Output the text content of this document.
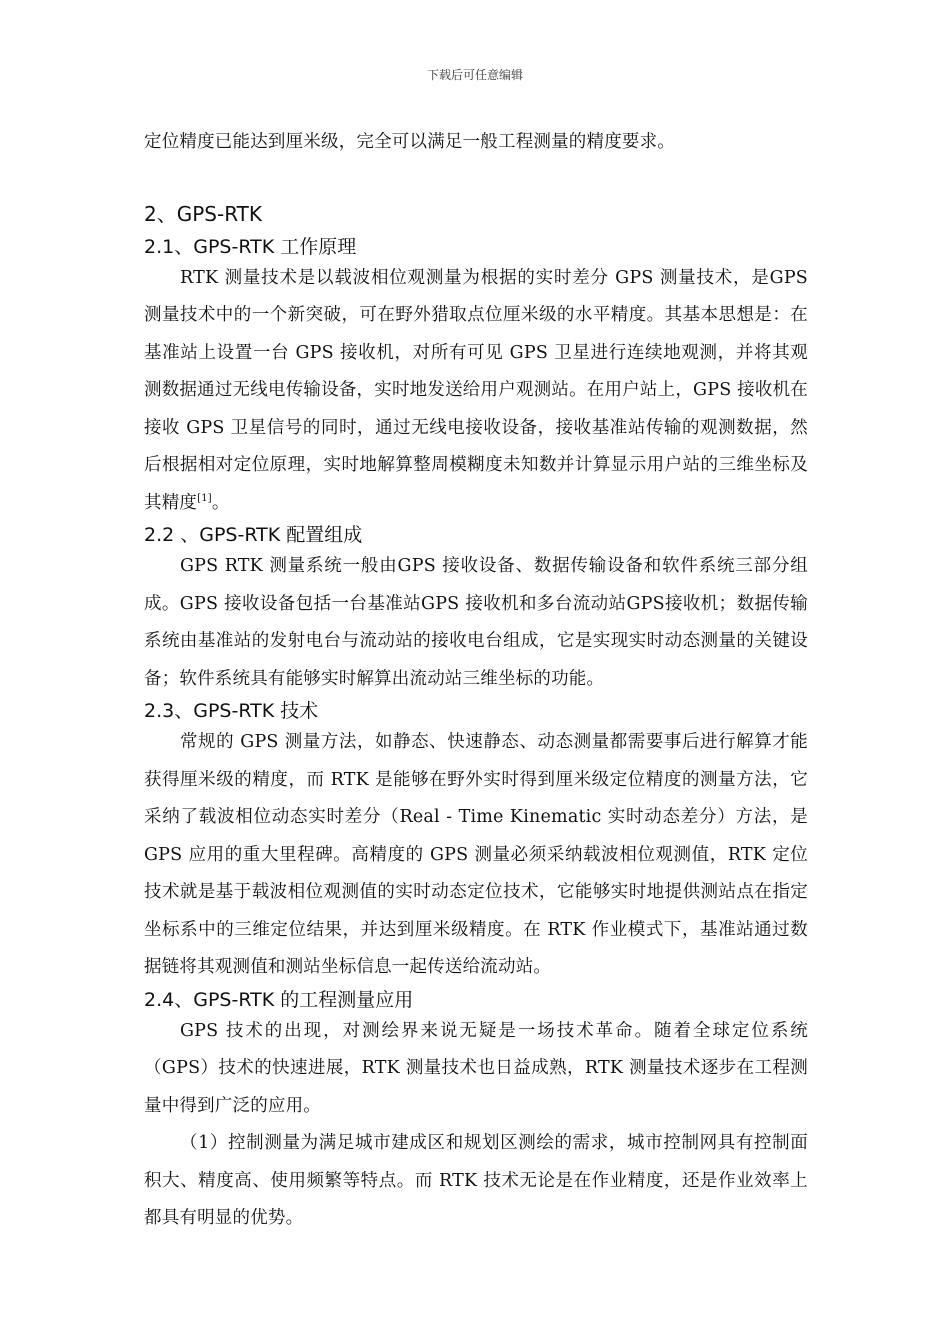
下载后可任意编辑

定位精度已能达到厘米级，完全可以满足一般工程测量的精度要求。

2、GPS-RTK
2.1、GPS-RTK 工作原理

RTK 测量技术是以载波相位观测量为根据的实时差分 GPS 测量技术，是GPS 测量技术中的一个新突破，可在野外猎取点位厘米级的水平精度。其基本思想是：在基准站上设置一台 GPS 接收机，对所有可见 GPS 卫星进行连续地观测，并将其观测数据通过无线电传输设备，实时地发送给用户观测站。在用户站上，GPS 接收机在接收 GPS 卫星信号的同时，通过无线电接收设备，接收基准站传输的观测数据，然后根据相对定位原理，实时地解算整周模糊度未知数并计算显示用户站的三维坐标及其精度[1]。

2.2 、GPS-RTK 配置组成

GPS RTK 测量系统一般由GPS 接收设备、数据传输设备和软件系统三部分组成。GPS 接收设备包括一台基准站GPS 接收机和多台流动站GPS接收机；数据传输系统由基准站的发射电台与流动站的接收电台组成，它是实现实时动态测量的关键设备；软件系统具有能够实时解算出流动站三维坐标的功能。

2.3、GPS-RTK 技术

常规的 GPS 测量方法，如静态、快速静态、动态测量都需要事后进行解算才能获得厘米级的精度，而 RTK 是能够在野外实时得到厘米级定位精度的测量方法，它采纳了载波相位动态实时差分（Real - Time Kinematic 实时动态差分）方法，是 GPS 应用的重大里程碑。高精度的 GPS 测量必须采纳载波相位观测值，RTK 定位技术就是基于载波相位观测值的实时动态定位技术，它能够实时地提供测站点在指定坐标系中的三维定位结果，并达到厘米级精度。在 RTK 作业模式下，基准站通过数据链将其观测值和测站坐标信息一起传送给流动站。

2.4、GPS-RTK 的工程测量应用

GPS 技术的出现，对测绘界来说无疑是一场技术革命。随着全球定位系统（GPS）技术的快速进展，RTK 测量技术也日益成熟，RTK 测量技术逐步在工程测量中得到广泛的应用。

（1）控制测量为满足城市建成区和规划区测绘的需求，城市控制网具有控制面积大、精度高、使用频繁等特点。而 RTK 技术无论是在作业精度，还是作业效率上都具有明显的优势。
